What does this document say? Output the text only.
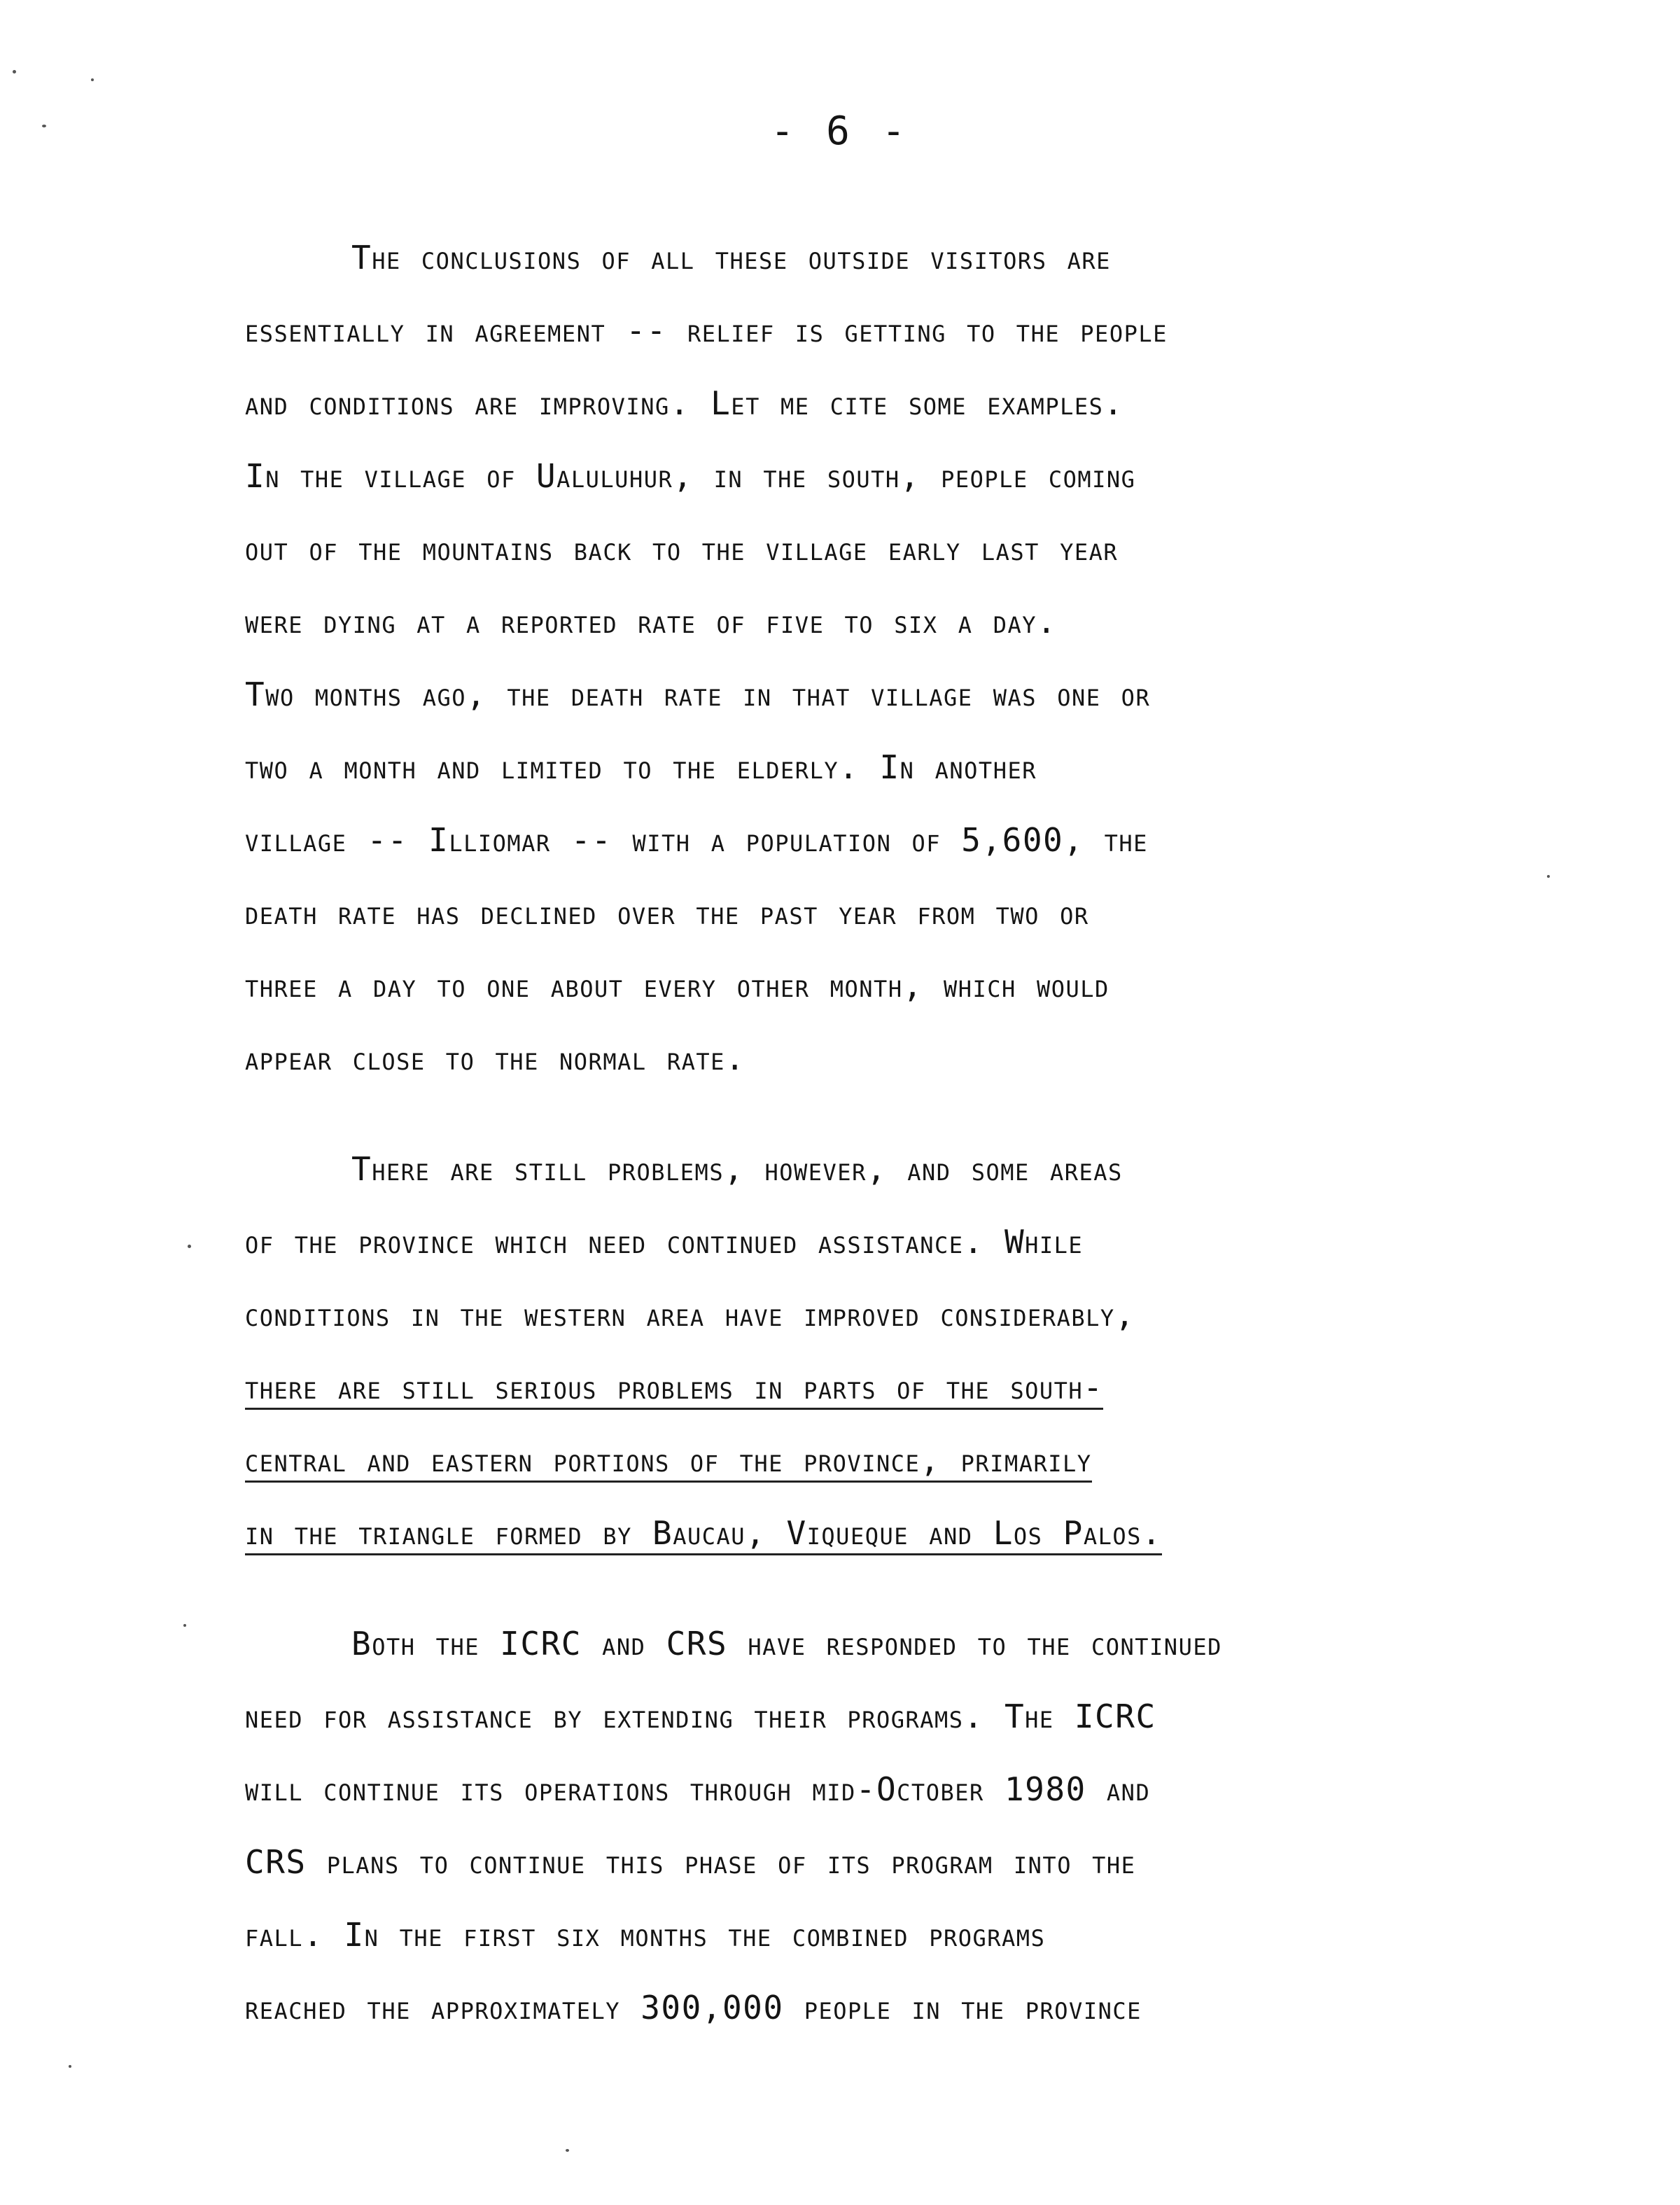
- 6 -
The conclusions of all these outside visitors are
essentially in agreement -- relief is getting to the people
and conditions are improving. Let me cite some examples.
In the village of Ualuluhur, in the south, people coming
out of the mountains back to the village early last year
were dying at a reported rate of five to six a day.
Two months ago, the death rate in that village was one or
two a month and limited to the elderly. In another
village -- Illiomar -- with a population of 5,600, the
death rate has declined over the past year from two or
three a day to one about every other month, which would
appear close to the normal rate.
There are still problems, however, and some areas
of the province which need continued assistance. While
conditions in the western area have improved considerably,
there are still serious problems in parts of the south-
central and eastern portions of the province, primarily
in the triangle formed by Baucau, Viqueque and Los Palos.
Both the ICRC and CRS have responded to the continued
need for assistance by extending their programs. The ICRC
will continue its operations through mid-October 1980 and
CRS plans to continue this phase of its program into the
fall. In the first six months the combined programs
reached the approximately 300,000 people in the province
